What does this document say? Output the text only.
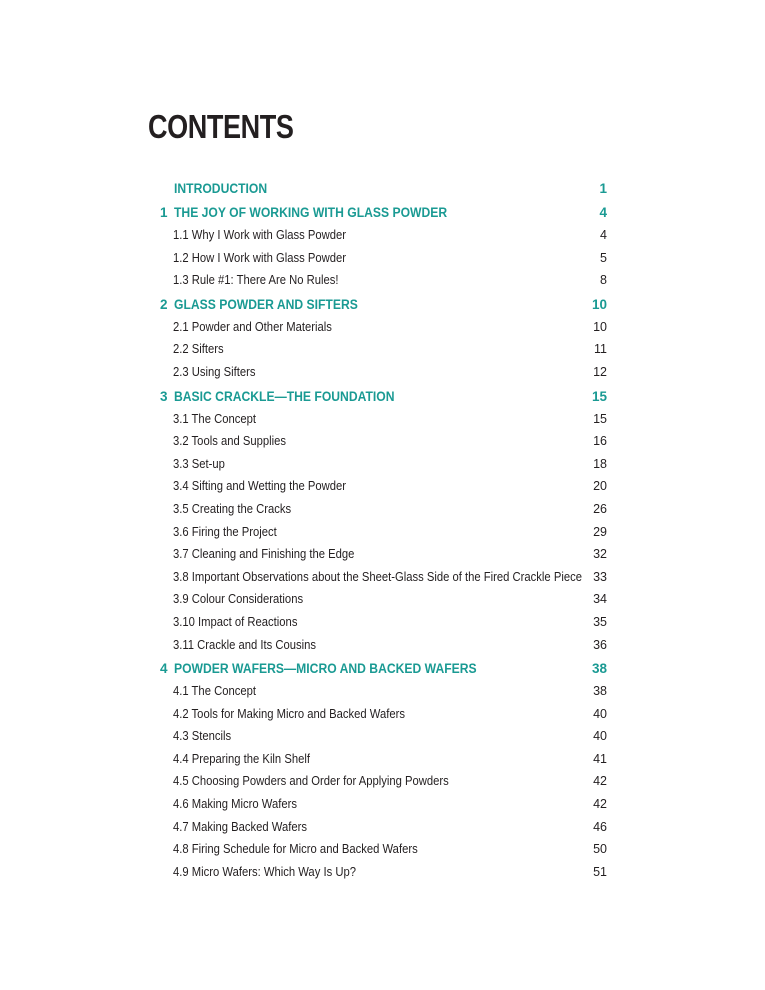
CONTENTS
INTRODUCTION	1
1 THE JOY OF WORKING WITH GLASS POWDER	4
1.1 Why I Work with Glass Powder	4
1.2 How I Work with Glass Powder	5
1.3 Rule #1: There Are No Rules!	8
2 GLASS POWDER AND SIFTERS	10
2.1 Powder and Other Materials	10
2.2 Sifters	11
2.3 Using Sifters	12
3 BASIC CRACKLE—THE FOUNDATION	15
3.1 The Concept	15
3.2 Tools and Supplies	16
3.3 Set-up	18
3.4 Sifting and Wetting the Powder	20
3.5 Creating the Cracks	26
3.6 Firing the Project	29
3.7 Cleaning and Finishing the Edge	32
3.8 Important Observations about the Sheet-Glass Side of the Fired Crackle Piece 33
3.9 Colour Considerations	34
3.10 Impact of Reactions	35
3.11 Crackle and Its Cousins	36
4 POWDER WAFERS—MICRO AND BACKED WAFERS	38
4.1 The Concept	38
4.2 Tools for Making Micro and Backed Wafers	40
4.3 Stencils	40
4.4 Preparing the Kiln Shelf	41
4.5 Choosing Powders and Order for Applying Powders	42
4.6 Making Micro Wafers	42
4.7 Making Backed Wafers	46
4.8 Firing Schedule for Micro and Backed Wafers	50
4.9 Micro Wafers: Which Way Is Up?	51
